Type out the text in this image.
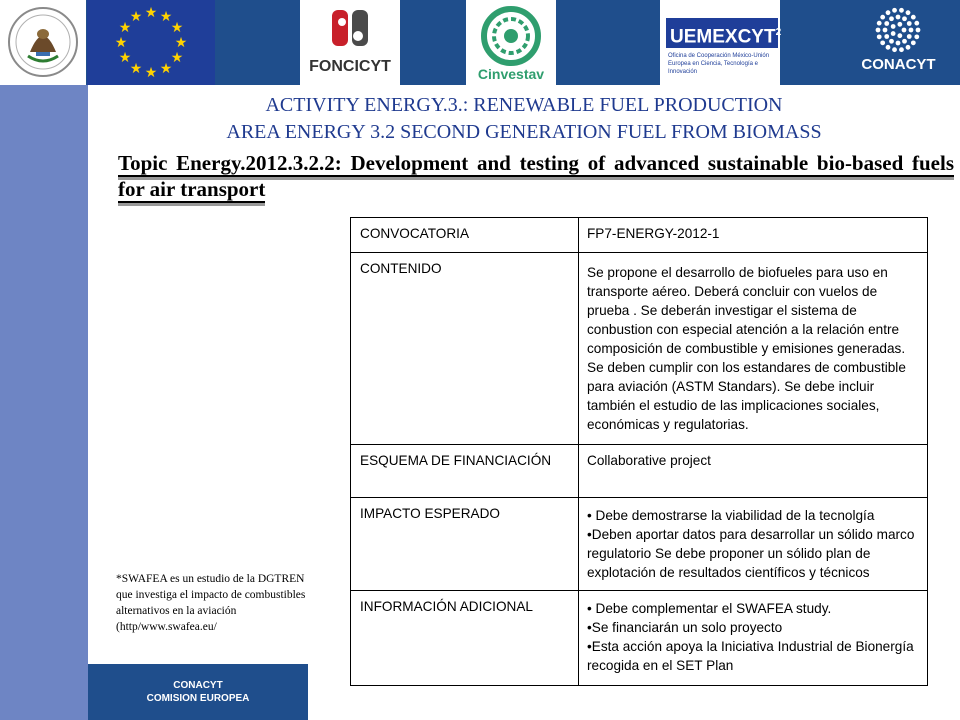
★ ★
★
★
★
★
★
★
★
★
★
★
FONCICYT	Cinvestav
UEMEXCYT$^2$
Oficina de Cooperación México-Unión Europea en Ciencia, Tecnología e Innovación	CONACYT
CONACYT
COMISION EUROPEA
ACTIVITY ENERGY.3.: RENEWABLE FUEL PRODUCTION
AREA ENERGY 3.2 SECOND GENERATION FUEL FROM BIOMASS
Topic Energy.2012.3.2.2: Development and testing of advanced sustainable bio-based fuels for air transport
CONVOCATORIA	FP7-ENERGY-2012-1
CONTENIDO	Se propone el desarrollo de biofueles para uso en transporte aéreo. Deberá concluir con vuelos de prueba . Se deberán investigar el sistema de conbustion con especial atención a la relación entre composición de combustible y emisiones generadas. Se deben cumplir con los estandares de combustible para aviación (ASTM Standars). Se debe incluir también el estudio de las implicaciones sociales, económicas y regulatorias.
ESQUEMA DE FINANCIACIÓN	Collaborative project
IMPACTO ESPERADO	• Debe demostrarse la viabilidad de la tecnolgía
•Deben aportar datos para desarrollar un sólido marco regulatorio Se debe proponer un sólido plan de explotación de resultados científicos y técnicos

INFORMACIÓN ADICIONAL	• Debe complementar el SWAFEA study.
•Se financiarán un solo proyecto
•Esta acción apoya la Iniciativa Industrial de Bionergía recogida en el SET Plan
*SWAFEA es un estudio de la DGTREN que investiga el impacto de combustibles alternativos en la aviación (http/www.swafea.eu/
